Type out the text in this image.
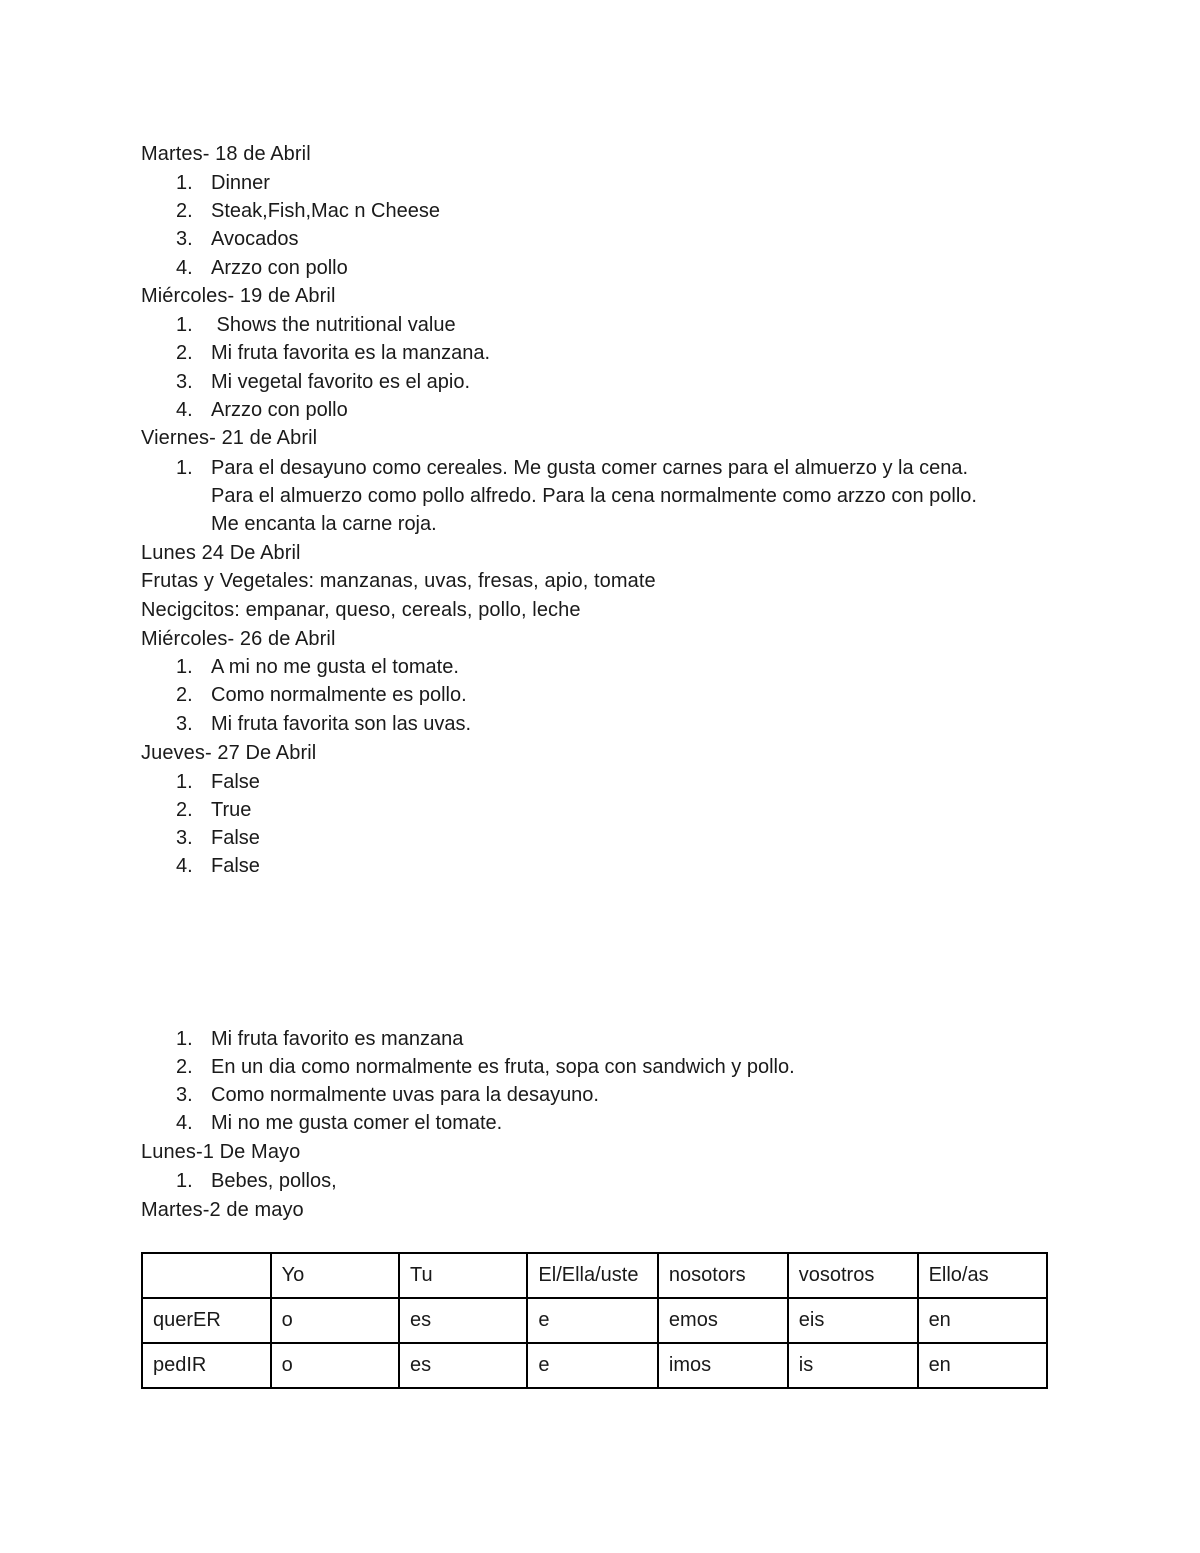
Martes- 18 de Abril
1. Dinner
2. Steak,Fish,Mac n Cheese
3. Avocados
4. Arzzo con pollo
Miércoles- 19 de Abril
1. Shows the nutritional value
2. Mi fruta favorita es la manzana.
3. Mi vegetal favorito es el apio.
4. Arzzo con pollo
Viernes- 21 de Abril
1. Para el desayuno como cereales. Me gusta comer carnes para el almuerzo y la cena.
Para el almuerzo como pollo alfredo. Para la cena normalmente como arzzo con pollo.
Me encanta la carne roja.
Lunes 24 De Abril
Frutas y Vegetales: manzanas, uvas, fresas, apio, tomate
Necigcitos: empanar, queso, cereals, pollo, leche
Miércoles- 26 de Abril
1. A mi no me gusta el tomate.
2. Como normalmente es pollo.
3. Mi fruta favorita son las uvas.
Jueves- 27 De Abril
1. False
2. True
3. False
4. False
1. Mi fruta favorito es manzana
2. En un dia como normalmente es fruta, sopa con sandwich y pollo.
3. Como normalmente uvas para la desayuno.
4. Mi no me gusta comer el tomate.
Lunes-1 De Mayo
1. Bebes, pollos,
Martes-2 de mayo
	Yo	Tu	El/Ella/uste	nosotors	vosotros	Ello/as
querER	o	es	e	emos	eis	en
pedIR	o	es	e	imos	is	en
